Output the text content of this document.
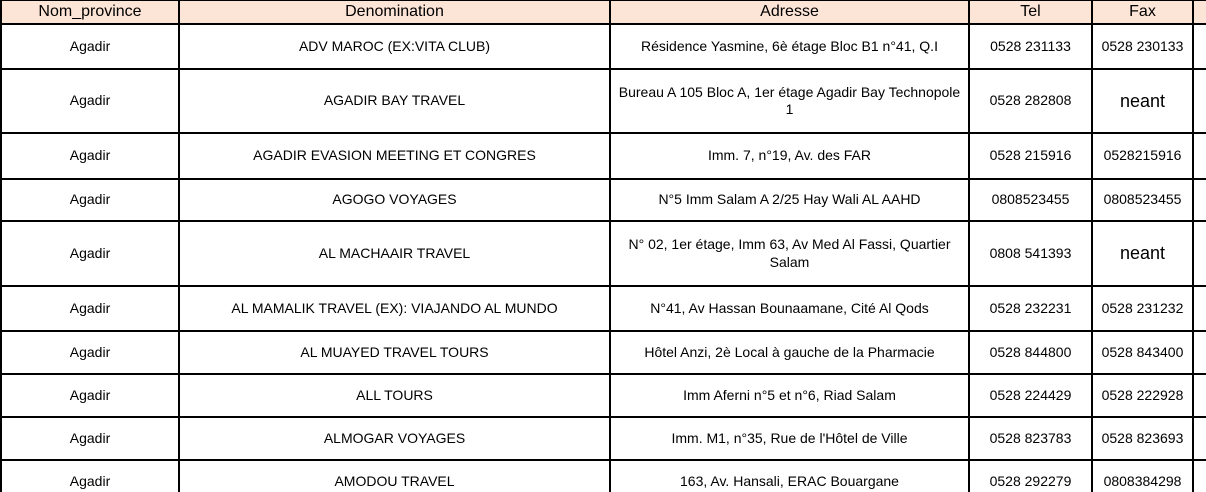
Nom_province	Denomination	Adresse	Tel	Fax	
Agadir	ADV MAROC (EX:VITA CLUB)	Résidence Yasmine, 6è étage Bloc B1 n°41, Q.I	0528 231133	0528 230133	
Agadir	AGADIR BAY TRAVEL	Bureau A 105 Bloc A, 1er étage Agadir Bay Technopole 1	0528 282808	neant	
Agadir	AGADIR EVASION MEETING ET CONGRES	Imm. 7, n°19, Av. des FAR	0528 215916	0528215916	
Agadir	AGOGO VOYAGES	N°5 Imm Salam A 2/25 Hay Wali AL AAHD	0808523455	0808523455	
Agadir	AL MACHAAIR TRAVEL	N° 02, 1er étage, Imm 63, Av Med Al Fassi, Quartier Salam	0808 541393	neant	
Agadir	AL MAMALIK TRAVEL (EX): VIAJANDO AL MUNDO	N°41, Av Hassan Bounaamane, Cité Al Qods	0528 232231	0528 231232	
Agadir	AL MUAYED TRAVEL TOURS	Hôtel Anzi, 2è Local à gauche de la Pharmacie	0528 844800	0528 843400	
Agadir	ALL TOURS	Imm Aferni n°5 et n°6, Riad Salam	0528 224429	0528 222928	
Agadir	ALMOGAR VOYAGES	Imm. M1, n°35, Rue de l'Hôtel de Ville	0528 823783	0528 823693	
Agadir	AMODOU TRAVEL	163, Av. Hansali, ERAC Bouargane	0528 292279	0808384298	
